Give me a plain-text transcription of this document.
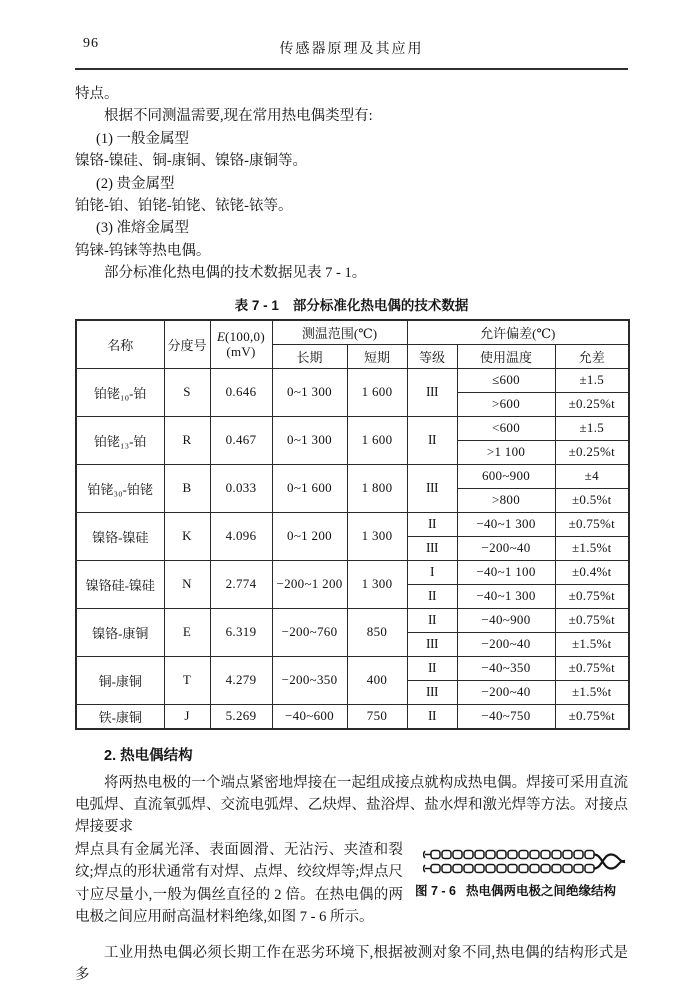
96	传感器原理及其应用

特点。

根据不同测温需要,现在常用热电偶类型有:

(1) 一般金属型

镍铬-镍硅、铜-康铜、镍铬-康铜等。

(2) 贵金属型

铂铑-铂、铂铑-铂铑、铱铑-铱等。

(3) 准熔金属型

钨铼-钨铼等热电偶。

部分标准化热电偶的技术数据见表 7 - 1。

表 7 - 1 部分标准化热电偶的技术数据
名称	分度号	E(100,0)
(mV)	测温范围(℃)		允许偏差(℃)		
			长期	短期	等级	使用温度	允差
铂铑₁₀-铂	S	0.646	0~1 300	1 600	III	≤600	±1.5
						>600	±0.25%t
铂铑₁₃-铂	R	0.467	0~1 300	1 600	II	<600	±1.5
						>1 100	±0.25%t
铂铑₃₀-铂铑	B	0.033	0~1 600	1 800	III	600~900	±4
						>800	±0.5%t
镍铬-镍硅	K	4.096	0~1 200	1 300	II	−40~1 300	±0.75%t
					III	−200~40	±1.5%t
镍铬硅-镍硅	N	2.774	−200~1 200	1 300	I	−40~1 100	±0.4%t
					II	−40~1 300	±0.75%t
镍铬-康铜	E	6.319	−200~760	850	II	−40~900	±0.75%t
					III	−200~40	±1.5%t
铜-康铜	T	4.279	−200~350	400	II	−40~350	±0.75%t
					III	−200~40	±1.5%t
铁-康铜	J	5.269	−40~600	750	II	−40~750	±0.75%t
2. 热电偶结构

将两热电极的一个端点紧密地焊接在一起组成接点就构成热电偶。焊接可采用直流电弧焊、直流氧弧焊、交流电弧焊、乙炔焊、盐浴焊、盐水焊和激光焊等方法。对接点焊接要求

图 7 - 6 热电偶两电极之间绝缘结构

焊点具有金属光泽、表面圆滑、无沾污、夹渣和裂纹;焊点的形状通常有对焊、点焊、绞纹焊等;焊点尺寸应尽量小,一般为偶丝直径的 2 倍。在热电偶的两电极之间应用耐高温材料绝缘,如图 7 - 6 所示。

工业用热电偶必须长期工作在恶劣环境下,根据被测对象不同,热电偶的结构形式是多
